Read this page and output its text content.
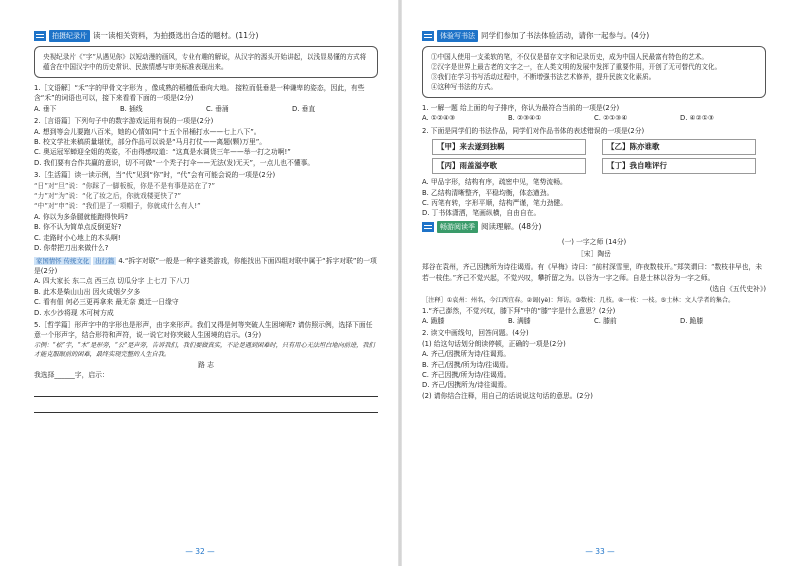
拍摄纪录片 读一读相关资料，为拍摄选出合适的题材。(11分)
央视纪录片《“字”从遇见你》以短动漫的画风，专业有趣的解说，从汉字的源头开始讲起，以浅显易懂的方式将蕴含在中国汉字中的历史常识、民族情感与审美标准表现出来。

1.［文语解］“禾”字的甲骨文字形为 ，像成熟的稻穗低垂向大地。 接粒而低垂是一种谦卑的姿态，因此，有些含“禾”的词语也可以，接下来看看下面的一项是(2分)

A. 垂下	B. 插线	C. 垂涌	D. 垂直

2.［言语篇］下列句子中的数字游戏运用有误的一项是(2分)

A. 想到等会儿要跑八百米，她的心情如同“十五个吊桶打水——七上八下”。

B. 校文学社来稿质量堪忧，部分作品可以说是“马月打仗——离题(颗)万里”。

C. 奥运冠军蝉迎全姐的英姿，不由得感叹道：“这真是水调货三年——举一打之功啊!”

D. 我们要有合作共赢的意识，切不可做“一个秃子打伞——无法(发)无天”，一点儿也不懂事。

3.［生活篇］读一读示例，当“代”见到“你”时，“代”会有可能会说的一项是(2分)

“日”对“旦”说：“你踩了一脚板板，你是不是有事是站在了?”

“力”对“为”说：“化了妆之后，你就戏楼更快了?”

“中”对“申”说：“我们是了一项帽子，你就成什么有人!”

A. 你以为多条腿就能跑得快吗?

B. 你不认为简单点反倒更好?

C. 走路时小心地上的木头啊!

D. 你带把刀出来做什么?

家国情怀 传统文化 出行篇 4.“拆字对联”一般是一种字谜类游戏，你能找出下面四组对联中属于“拆字对联”的一项是(2分)

A. 四大家长 东二点 西三点 切瓜分字 上七刀 下八刀

B. 此木是柴山山出 因火成烟夕夕多

C. 看有佃 何必三更再拿来 最无奈 奠迁一日缘守

D. 水少沙将现 木可树方成

5.［哲学篇］形声字中的字形也是形声，由字来形声。我们又得是何等突破人生困境呢? 请仿照示例，选择下面任意一个形声字，结合形符和声符，说一说它对你突破人生困境的启示。(3分)

示例：“松”字，“木”是形旁，“公”是声旁，告诉我们，我们要做真实，不论是遇到困难时，只有用心无法坦白地向前进，我们才能克服眼前的困难，最终实现完整的人生自我。

路 志

我选择______字，启示：

— 32 —
体验写书法 同学们参加了书法体验活动，请你一起参与。(4分)
①中国人使用一支柔软的笔，不仅仅是留存文字和记录历史，成为中国人民最富有特色的艺术。
②汉字是世界上最古老的文字之一，在人类文明的发展中发挥了重要作用，开创了无可替代的文化。
③我们在学习书写活动过程中，不断增强书法艺术修养，提升民族文化素质。
④这种写书法的方式。

1. 一解一题 给上面的句子排序，你认为最符合当前的一项是(2分)

A. ①②④③	B. ②③④①	C. ②①③④	D. ④②①③

2. 下面是同学们的书法作品，同学们对作品书体的表述错误的一项是(2分)

【甲】来去遂到独羁	【乙】陈亦谁歌
【丙】雨盖溢亭歌	【丁】我自唯评行

A. 甲品字形，结构有序，疏密中见，笔势流畅。

B. 乙结构清晰整齐，平稳均衡，体态遒劲。

C. 丙笔有转，字形平顺，结构严谨，笔力劲健。

D. 丁书体潇洒，笔画纵横，自由自在。

畅游阅读季 阅读理解。(48分)
(一) 一字之师 (14分)
［宋］陶岳
郑谷在袁州，齐己因携所为诗往谒焉。有《早梅》诗曰：“前村深雪里，昨夜数枝开。”郑笑谓曰：“数枝非早也，未若一枝佳。”齐己不觉兴起，不觉兴叹，攀折留之为。以谷为一字之师。自是士林以谷为一字之师。
(选自《五代史补》)
［注释］①袁州：州名，今江西宜春。②谒(yè)：拜访。③数枝：几枝。④一枝：一枝。⑤士林：文人学者的集合。

1.“齐己澎然，不觉兴叹，膝下拜”中的“膝”字是什么意思？(2分)

A. 跪膝	B. 满膝	C. 膝前	D. 跪膝

2. 读文中画线句，回答问题。(4分)

(1) 给这句话划分朗读停顿，正确的一项是(2分)

A. 齐己/因携所为诗/往谒焉。

B. 齐己/因携/所为诗/往谒焉。

C. 齐己因携/所为诗/往谒焉。

D. 齐己/因携所为/诗往谒焉。

(2) 请你结合注释，用自己的话说说这句话的意思。(2分)

— 33 —
